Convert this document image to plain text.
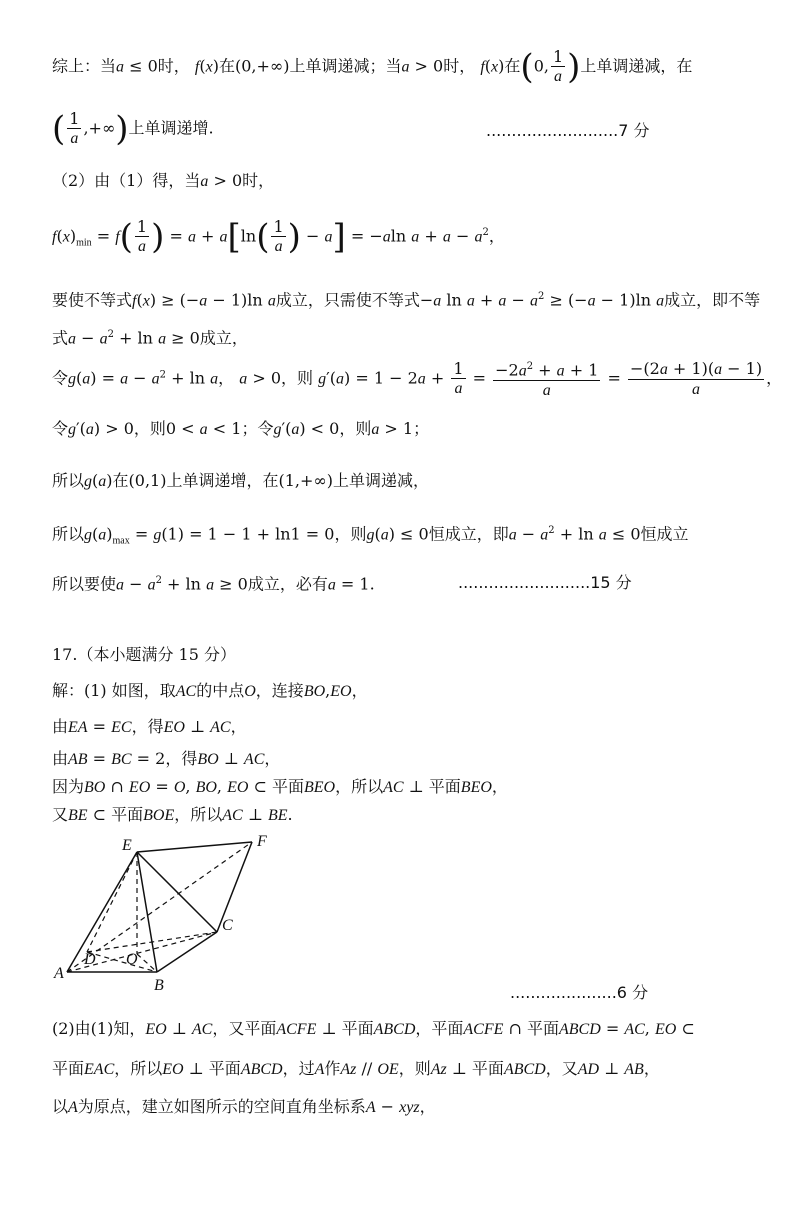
综上：当a ≤ 0时， f(x)在(0,+∞)上单调递减；当a > 0时， f(x)在(0, $\frac{1}{a}$ )上单调递减，在
( $\frac{1}{a}$ ,+∞)上单调递增.	..........................7 分
（2）由（1）得，当a > 0时，
$f(x)_{min} = f( \frac{1}{a}$ ) = $a + a[\ln( \frac{1}{a}$ ) − a] = −aln $a + a - a^2$，
要使不等式f(x) ≥ (−a − 1)ln a成立，只需使不等式−a $\ln a + a - a^2 \ge (-a - 1)\ln$ a成立，即不等
式$a - a^2 + \ln a \ge 0$成立，
令$g(a) = a - a^2 + \ln a$， a > 0，则 $g'(a) = 1 - 2a + \frac{1}{a} = \frac{-2a^2 + a + 1}{a} = \frac{-(2a + 1)(a - 1)}{a}$ ，
令g′(a) > 0，则0 < a < 1；令g′(a) < 0，则a > 1；
所以g(a)在(0,1)上单调递增，在(1,+∞)上单调递减，
所以$g(a)_{max} = g(1) = 1 - 1 + \ln 1 = 0$，则g(a) ≤ 0恒成立，即$a - a^2 + \ln a \le 0$恒成立
所以要使$a - a^2 + \ln a \ge 0$成立，必有a = 1.	..........................15 分
17.（本小题满分 15 分）
解：(1) 如图，取AC的中点O，连接BO,EO，
由EA = EC，得EO ⊥ AC，
由AB = BC = 2，得BO ⊥ AC，
因为BO ∩ EO = O, BO, EO ⊂ 平面BEO，所以AC ⊥ 平面BEO，
又BE ⊂ 平面BOE，所以AC ⊥ BE.
E	F
C
A
D O
B	.....................6 分
(2)由(1)知，EO ⊥ AC，又平面ACFE ⊥ 平面ABCD，平面ACFE ∩ 平面ABCD = AC, EO ⊂
平面EAC，所以EO ⊥ 平面ABCD，过A作Az // OE，则Az ⊥ 平面ABCD，又AD ⊥ AB，
以A为原点，建立如图所示的空间直角坐标系A − xyz，
